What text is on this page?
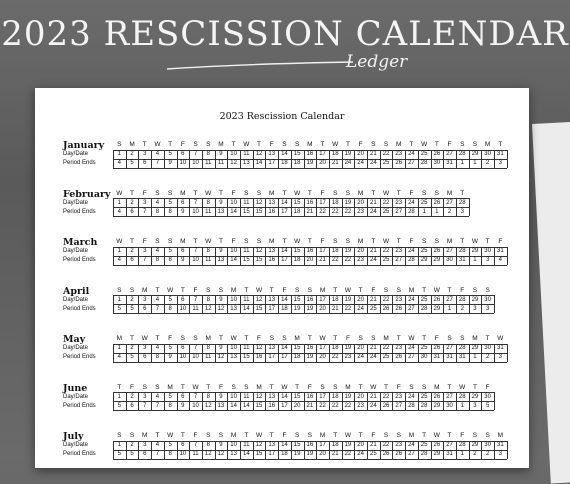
2023 RESCISSION CALENDAR
Ledger
2023 Rescission Calendar
January
Day/Date
Period Ends
S
1
4
M
2
5
T
3
6
W
4
7
T
5
9
F
6
10
S
7
10
S
8
11
M
9
11
T
10
12
W
11
13
T
12
14
F
13
17
S
14
18
S
15
18
M
16
19
T
17
20
W
18
21
T
19
24
F
20
24
S
21
24
S
22
25
M
23
26
T
24
27
W
25
28
T
26
30
F
27
31
S
28
1
S
29
1
M
30
2
T
31
3
February
Day/Date
Period Ends
W
1
4
T
2
6
F
3
7
S
4
8
S
5
8
M
6
9
T
7
10
W
8
11
T
9
13
F
10
14
S
11
15
S
12
15
M
13
16
T
14
17
W
15
18
T
16
21
F
17
22
S
18
22
S
19
22
M
20
23
T
21
24
W
22
25
T
23
27
F
24
28
S
25
1
S
26
1
M
27
2
T
28
3
March
Day/Date
Period Ends
W
1
4
T
2
6
F
3
7
S
4
8
S
5
8
M
6
9
T
7
10
W
8
11
T
9
13
F
10
14
S
11
15
S
12
15
M
13
16
T
14
17
W
15
18
T
16
20
F
17
21
S
18
22
S
19
22
M
20
23
T
21
24
W
22
25
T
23
27
F
24
28
S
25
29
S
26
29
M
27
30
T
28
31
W
29
1
T
30
3
F
31
4
April
Day/Date
Period Ends
S
1
5
S
2
5
M
3
6
T
4
7
W
5
8
T
6
10
F
7
11
S
8
12
S
9
12
M
10
13
T
11
14
W
12
15
T
13
17
F
14
18
S
15
19
S
16
19
M
17
20
T
18
21
W
19
22
T
20
24
F
21
25
S
22
26
S
23
26
M
24
27
T
25
28
W
26
29
T
27
1
F
28
2
S
29
3
S
30
3
May
Day/Date
Period Ends
M
1
4
T
2
5
W
3
6
T
4
8
F
5
9
S
6
10
S
7
10
M
8
11
T
9
12
W
10
13
T
11
15
F
12
16
S
13
17
S
14
17
M
15
18
T
16
19
W
17
20
T
18
22
F
19
23
S
20
24
S
21
24
M
22
25
T
23
26
W
24
27
T
25
30
F
26
31
S
27
31
S
28
31
M
29
1
T
30
2
W
31
3
June
Day/Date
Period Ends
T
1
5
F
2
6
S
3
7
S
4
7
M
5
8
T
6
9
W
7
10
T
8
12
F
9
13
S
10
14
S
11
14
M
12
15
T
13
16
W
14
17
T
15
20
F
16
21
S
17
22
S
18
22
M
19
22
T
20
23
W
21
24
T
22
26
F
23
27
S
24
28
S
25
28
M
26
29
T
27
30
W
28
1
T
29
3
F
30
5
July
Day/Date
Period Ends
S
1
5
S
2
5
M
3
6
T
4
7
W
5
8
T
6
10
F
7
11
S
8
12
S
9
12
M
10
13
T
11
14
W
12
15
T
13
17
F
14
18
S
15
19
S
16
19
M
17
20
T
18
21
W
19
22
T
20
24
F
21
25
S
22
26
S
23
26
M
24
27
T
25
28
W
26
29
T
27
31
F
28
1
S
29
2
S
30
2
M
31
3
